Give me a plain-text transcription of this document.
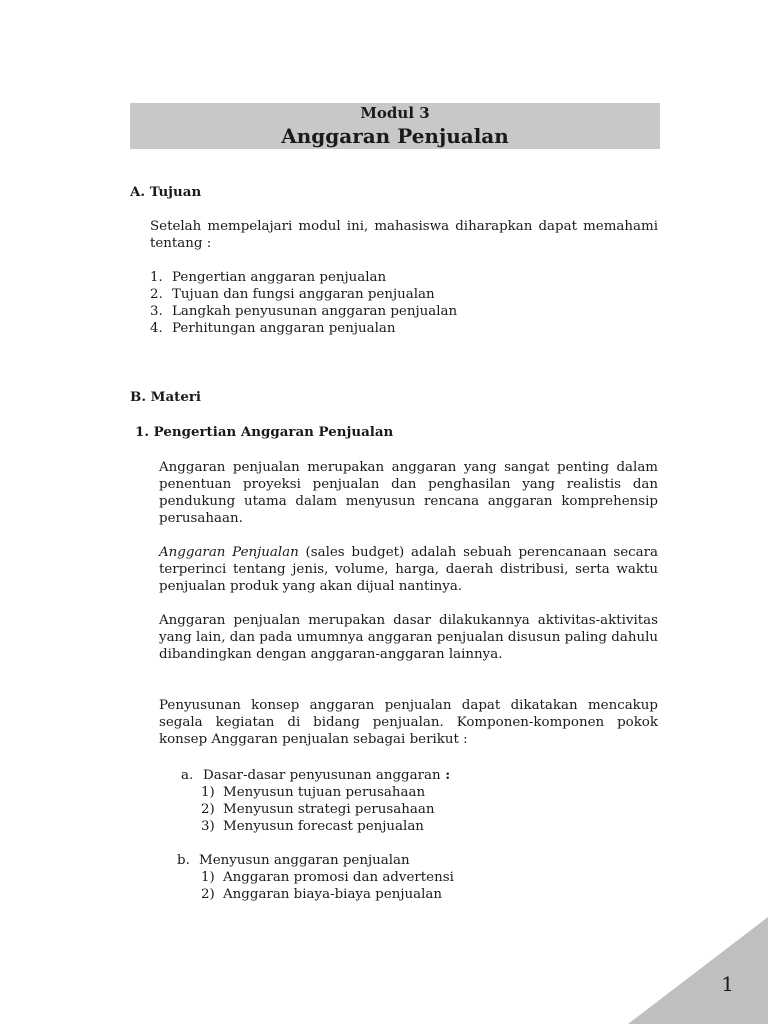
Modul 3
Anggaran Penjualan
A. Tujuan
Setelah mempelajari modul ini, mahasiswa diharapkan dapat memahami tentang :
1. Pengertian anggaran penjualan
2. Tujuan dan fungsi anggaran penjualan
3. Langkah penyusunan anggaran penjualan
4. Perhitungan anggaran penjualan
B. Materi
1. Pengertian Anggaran Penjualan
Anggaran penjualan merupakan anggaran yang sangat penting dalam penentuan proyeksi penjualan dan penghasilan yang realistis dan pendukung utama dalam menyusun rencana anggaran komprehensip perusahaan.
Anggaran Penjualan (sales budget) adalah sebuah perencanaan secara terperinci tentang jenis, volume, harga, daerah distribusi, serta waktu penjualan produk yang akan dijual nantinya.
Anggaran penjualan merupakan dasar dilakukannya aktivitas-aktivitas yang lain, dan pada umumnya anggaran penjualan disusun paling dahulu dibandingkan dengan anggaran-anggaran lainnya.
Penyusunan konsep anggaran penjualan dapat dikatakan mencakup segala kegiatan di bidang penjualan. Komponen-komponen pokok konsep Anggaran penjualan sebagai berikut :
a. Dasar-dasar penyusunan anggaran :
1) Menyusun tujuan perusahaan
2) Menyusun strategi perusahaan
3) Menyusun forecast penjualan
b. Menyusun anggaran penjualan
1) Anggaran promosi dan advertensi
2) Anggaran biaya-biaya penjualan
1
